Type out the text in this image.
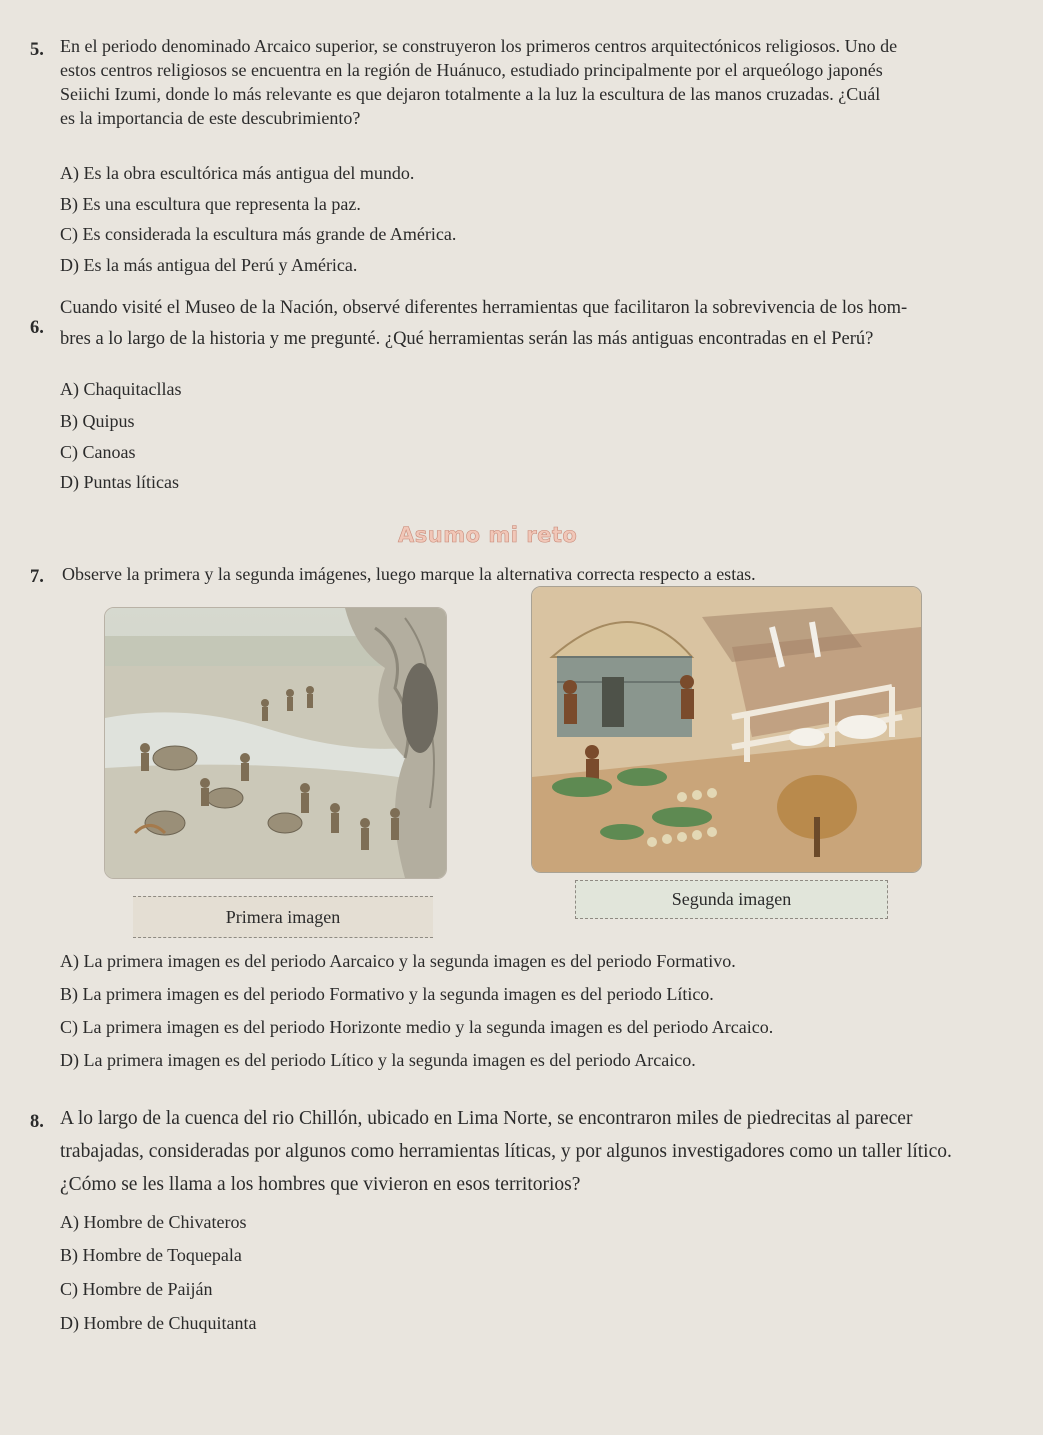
5. En el periodo denominado Arcaico superior, se construyeron los primeros centros arquitectónicos religiosos. Uno de
estos centros religiosos se encuentra en la región de Huánuco, estudiado principalmente por el arqueólogo japonés
Seiichi Izumi, donde lo más relevante es que dejaron totalmente a la luz la escultura de las manos cruzadas. ¿Cuál
es la importancia de este descubrimiento?
A) Es la obra escultórica más antigua del mundo.
B) Es una escultura que representa la paz.
C) Es considerada la escultura más grande de América.
D) Es la más antigua del Perú y América.
6.
Cuando visité el Museo de la Nación, observé diferentes herramientas que facilitaron la sobrevivencia de los hom-
bres a lo largo de la historia y me pregunté. ¿Qué herramientas serán las más antiguas encontradas en el Perú?
A) Chaquitacllas
B) Quipus
C) Canoas
D) Puntas líticas
Asumo mi reto
7. Observe la primera y la segunda imágenes, luego marque la alternativa correcta respecto a estas.
Primera imagen
Segunda imagen
A) La primera imagen es del periodo Aarcaico y la segunda imagen es del periodo Formativo.
B) La primera imagen es del periodo Formativo y la segunda imagen es del periodo Lítico.
C) La primera imagen es del periodo Horizonte medio y la segunda imagen es del periodo Arcaico.
D) La primera imagen es del periodo Lítico y la segunda imagen es del periodo Arcaico.
8. A lo largo de la cuenca del rio Chillón, ubicado en Lima Norte, se encontraron miles de piedrecitas al parecer
trabajadas, consideradas por algunos como herramientas líticas, y por algunos investigadores como un taller lítico.
¿Cómo se les llama a los hombres que vivieron en esos territorios?
A) Hombre de Chivateros
B) Hombre de Toquepala
C) Hombre de Paiján
D) Hombre de Chuquitanta
